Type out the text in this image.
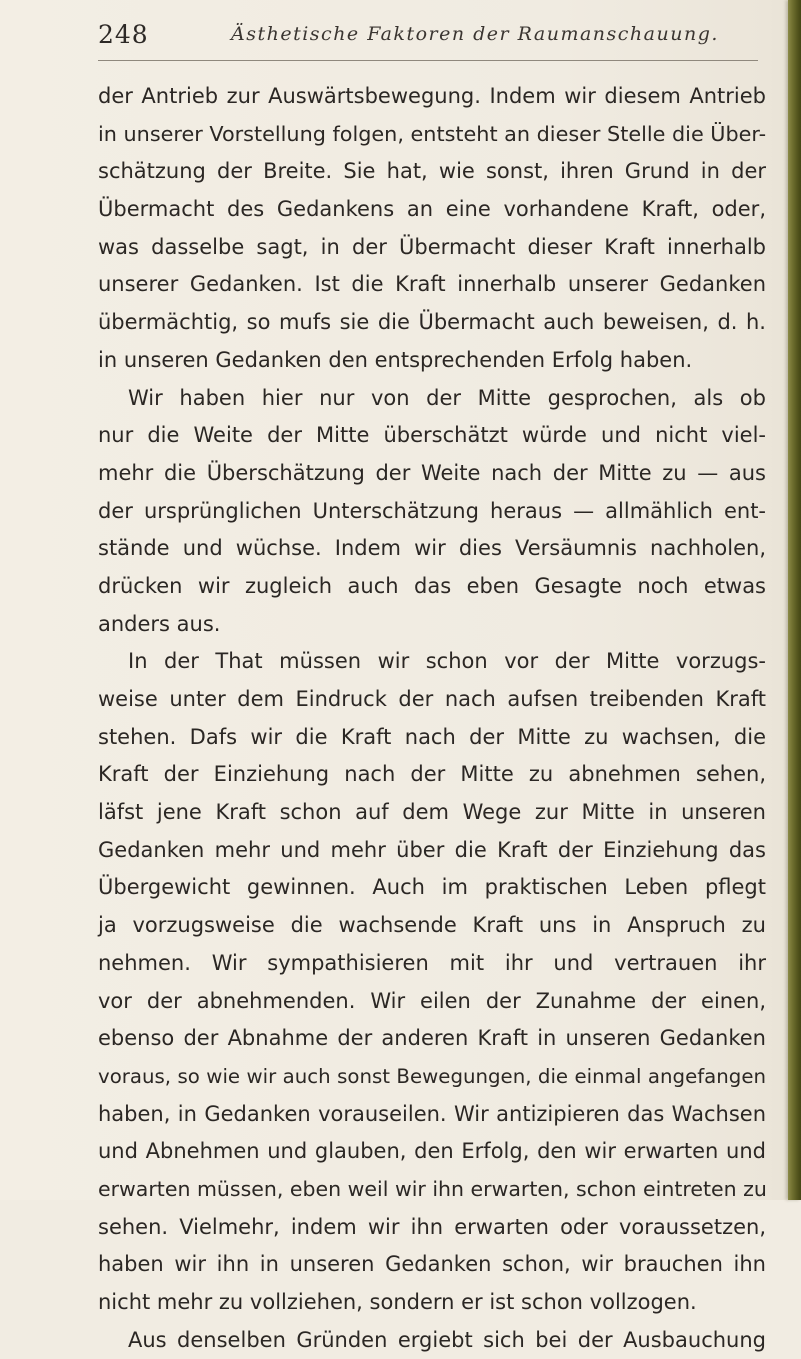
248	Ästhetische Faktoren der Raumanschauung.
der Antrieb zur Auswärtsbewegung. Indem wir diesem Antrieb
in unserer Vorstellung folgen, entsteht an dieser Stelle die Über-
schätzung der Breite. Sie hat, wie sonst, ihren Grund in der
Übermacht des Gedankens an eine vorhandene Kraft, oder,
was dasselbe sagt, in der Übermacht dieser Kraft innerhalb
unserer Gedanken. Ist die Kraft innerhalb unserer Gedanken
übermächtig, so mufs sie die Übermacht auch beweisen, d. h.
in unseren Gedanken den entsprechenden Erfolg haben.
Wir haben hier nur von der Mitte gesprochen, als ob
nur die Weite der Mitte überschätzt würde und nicht viel-
mehr die Überschätzung der Weite nach der Mitte zu — aus
der ursprünglichen Unterschätzung heraus — allmählich ent-
stände und wüchse. Indem wir dies Versäumnis nachholen,
drücken wir zugleich auch das eben Gesagte noch etwas
anders aus.
In der That müssen wir schon vor der Mitte vorzugs-
weise unter dem Eindruck der nach aufsen treibenden Kraft
stehen. Dafs wir die Kraft nach der Mitte zu wachsen, die
Kraft der Einziehung nach der Mitte zu abnehmen sehen,
läfst jene Kraft schon auf dem Wege zur Mitte in unseren
Gedanken mehr und mehr über die Kraft der Einziehung das
Übergewicht gewinnen. Auch im praktischen Leben pflegt
ja vorzugsweise die wachsende Kraft uns in Anspruch zu
nehmen. Wir sympathisieren mit ihr und vertrauen ihr
vor der abnehmenden. Wir eilen der Zunahme der einen,
ebenso der Abnahme der anderen Kraft in unseren Gedanken
voraus, so wie wir auch sonst Bewegungen, die einmal angefangen
haben, in Gedanken vorauseilen. Wir antizipieren das Wachsen
und Abnehmen und glauben, den Erfolg, den wir erwarten und
erwarten müssen, eben weil wir ihn erwarten, schon eintreten zu
sehen. Vielmehr, indem wir ihn erwarten oder voraussetzen,
haben wir ihn in unseren Gedanken schon, wir brauchen ihn
nicht mehr zu vollziehen, sondern er ist schon vollzogen.
Aus denselben Gründen ergiebt sich bei der Ausbauchung
